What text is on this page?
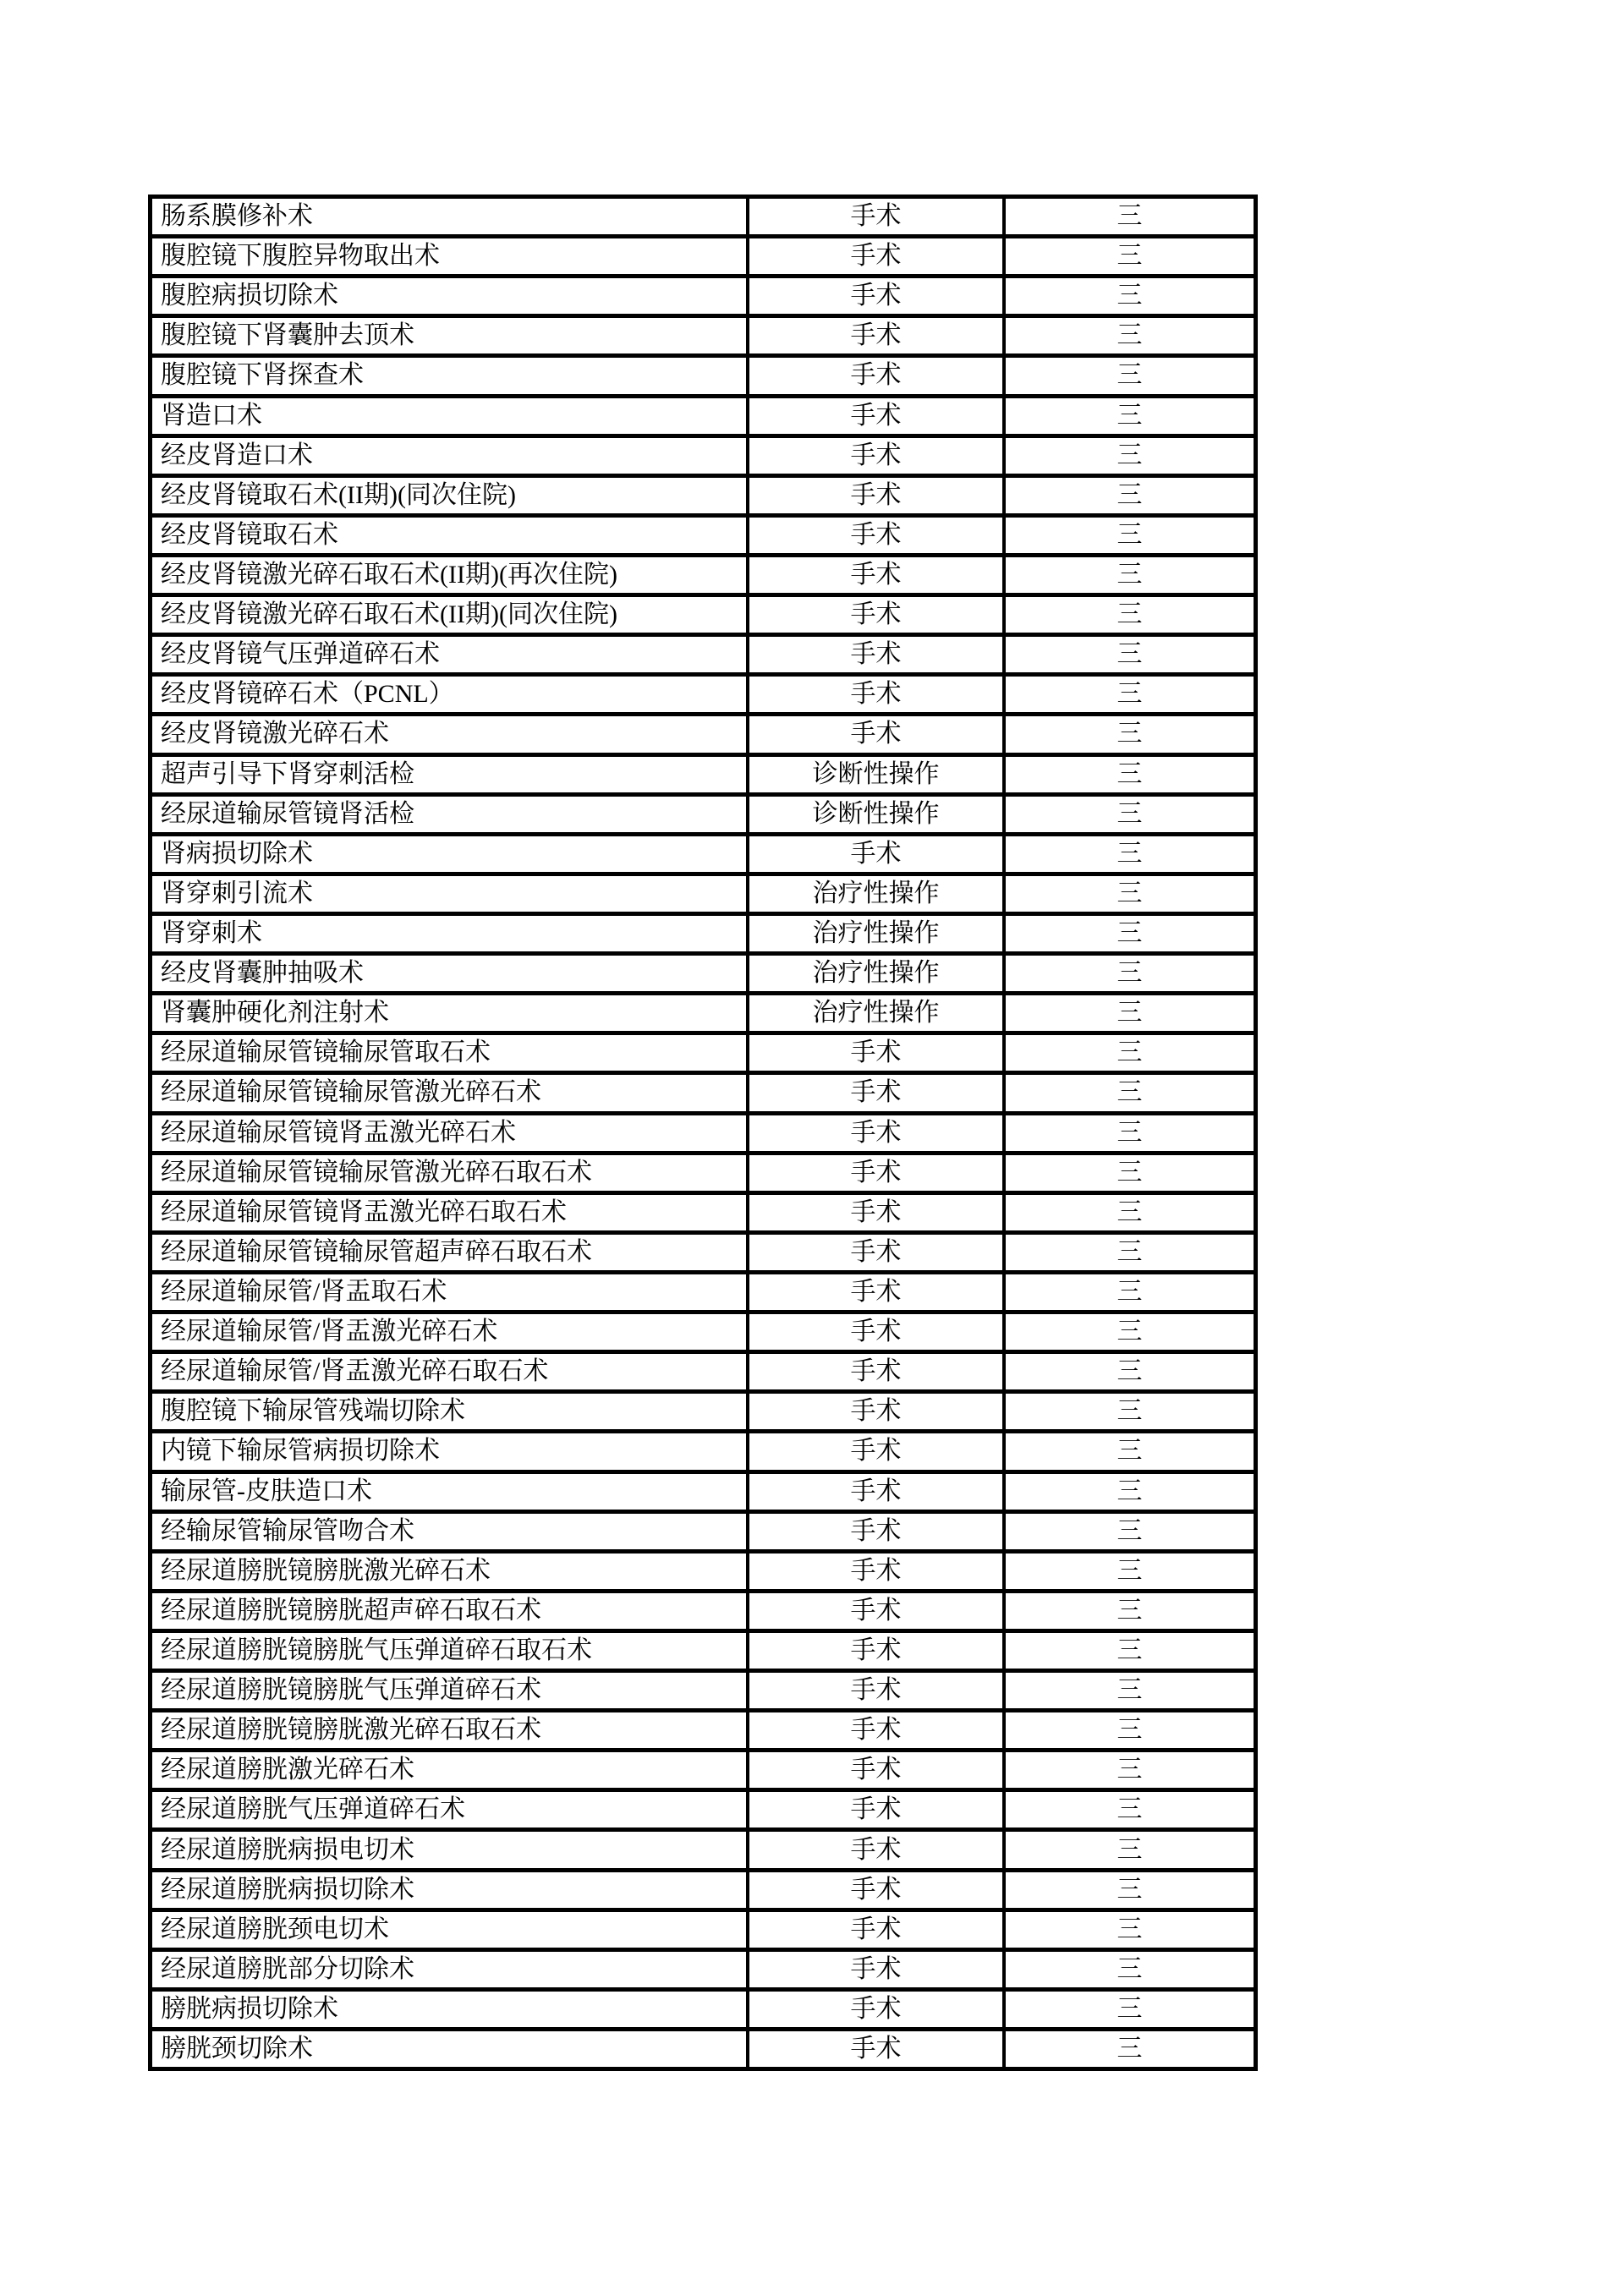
肠系膜修补术	手术	三
腹腔镜下腹腔异物取出术	手术	三
腹腔病损切除术	手术	三
腹腔镜下肾囊肿去顶术	手术	三
腹腔镜下肾探查术	手术	三
肾造口术	手术	三
经皮肾造口术	手术	三
经皮肾镜取石术(II期)(同次住院)	手术	三
经皮肾镜取石术	手术	三
经皮肾镜激光碎石取石术(II期)(再次住院)	手术	三
经皮肾镜激光碎石取石术(II期)(同次住院)	手术	三
经皮肾镜气压弹道碎石术	手术	三
经皮肾镜碎石术（PCNL）	手术	三
经皮肾镜激光碎石术	手术	三
超声引导下肾穿刺活检	诊断性操作	三
经尿道输尿管镜肾活检	诊断性操作	三
肾病损切除术	手术	三
肾穿刺引流术	治疗性操作	三
肾穿刺术	治疗性操作	三
经皮肾囊肿抽吸术	治疗性操作	三
肾囊肿硬化剂注射术	治疗性操作	三
经尿道输尿管镜输尿管取石术	手术	三
经尿道输尿管镜输尿管激光碎石术	手术	三
经尿道输尿管镜肾盂激光碎石术	手术	三
经尿道输尿管镜输尿管激光碎石取石术	手术	三
经尿道输尿管镜肾盂激光碎石取石术	手术	三
经尿道输尿管镜输尿管超声碎石取石术	手术	三
经尿道输尿管/肾盂取石术	手术	三
经尿道输尿管/肾盂激光碎石术	手术	三
经尿道输尿管/肾盂激光碎石取石术	手术	三
腹腔镜下输尿管残端切除术	手术	三
内镜下输尿管病损切除术	手术	三
输尿管-皮肤造口术	手术	三
经输尿管输尿管吻合术	手术	三
经尿道膀胱镜膀胱激光碎石术	手术	三
经尿道膀胱镜膀胱超声碎石取石术	手术	三
经尿道膀胱镜膀胱气压弹道碎石取石术	手术	三
经尿道膀胱镜膀胱气压弹道碎石术	手术	三
经尿道膀胱镜膀胱激光碎石取石术	手术	三
经尿道膀胱激光碎石术	手术	三
经尿道膀胱气压弹道碎石术	手术	三
经尿道膀胱病损电切术	手术	三
经尿道膀胱病损切除术	手术	三
经尿道膀胱颈电切术	手术	三
经尿道膀胱部分切除术	手术	三
膀胱病损切除术	手术	三
膀胱颈切除术	手术	三
